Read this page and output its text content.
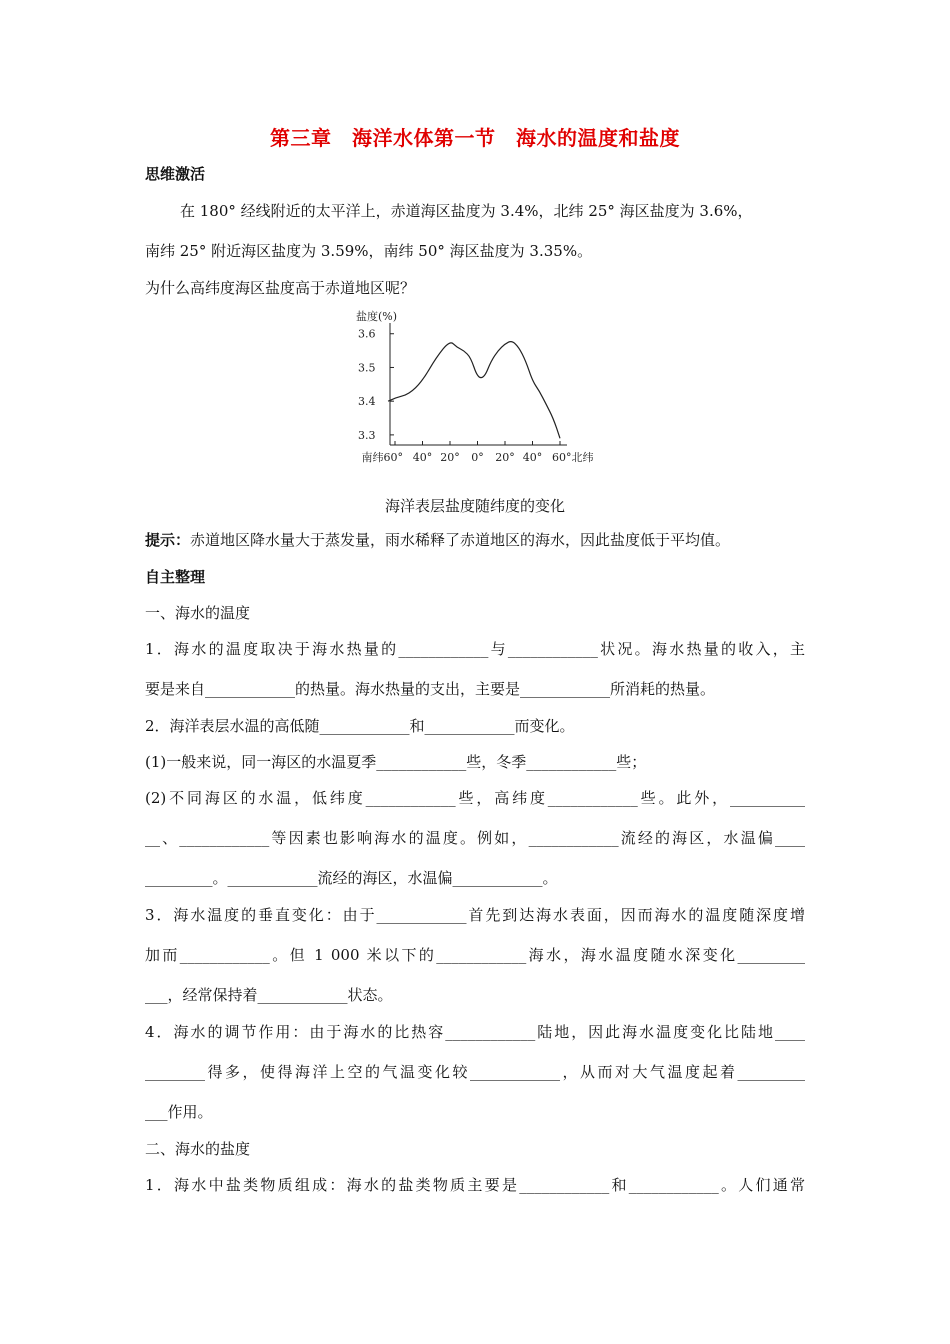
第三章　海洋水体第一节　海水的温度和盐度
思维激活
在 180° 经线附近的太平洋上，赤道海区盐度为 3.4%，北纬 25° 海区盐度为 3.6%，
南纬 25° 附近海区盐度为 3.59%，南纬 50° 海区盐度为 3.35%。
为什么高纬度海区盐度高于赤道地区呢？
盐度(%)
3.6
3.5
3.4
3.3
南纬60° 40° 20° 0° 20° 40° 60°北纬
海洋表层盐度随纬度的变化
提示：赤道地区降水量大于蒸发量，雨水稀释了赤道地区的海水，因此盐度低于平均值。
自主整理
一、海水的温度
1．海水的温度取决于海水热量的____________与____________状况。海水热量的收入，主
要是来自____________的热量。海水热量的支出，主要是____________所消耗的热量。
2．海洋表层水温的高低随____________和____________而变化。
(1)一般来说，同一海区的水温夏季____________些，冬季____________些；
(2)不同海区的水温，低纬度____________些，高纬度____________些。此外，__________
__、____________等因素也影响海水的温度。例如，____________流经的海区，水温偏____
_________。____________流经的海区，水温偏____________。
3．海水温度的垂直变化：由于____________首先到达海水表面，因而海水的温度随深度增
加而____________。但 1 000 米以下的____________海水，海水温度随水深变化_________
___，经常保持着____________状态。
4．海水的调节作用：由于海水的比热容____________陆地，因此海水温度变化比陆地____
________得多，使得海洋上空的气温变化较____________，从而对大气温度起着_________
___作用。
二、海水的盐度
1．海水中盐类物质组成：海水的盐类物质主要是____________和____________。人们通常
